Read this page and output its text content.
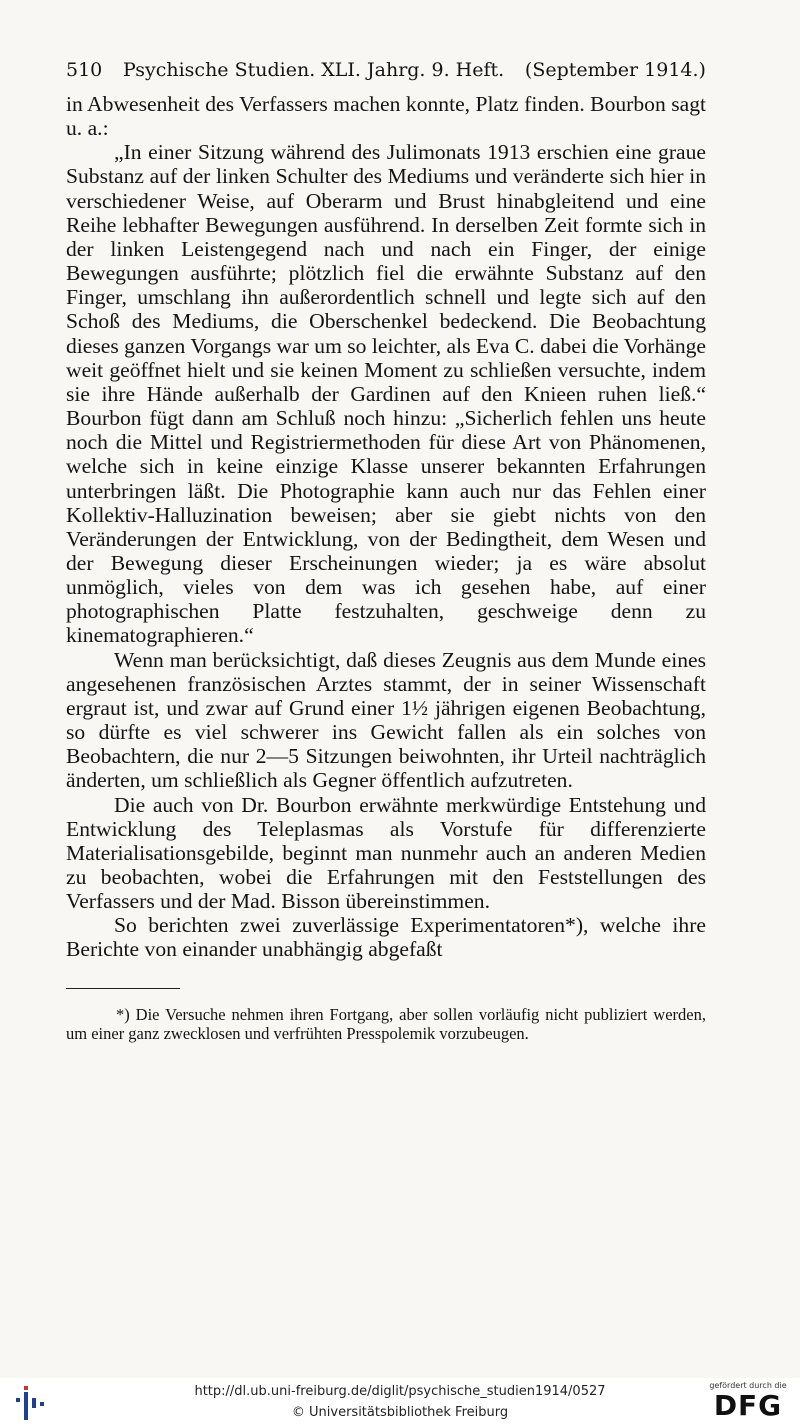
510 Psychische Studien. XLI. Jahrg. 9. Heft. (September 1914.)

in Abwesenheit des Verfassers machen konnte, Platz finden. Bourbon sagt u. a.:

„In einer Sitzung während des Julimonats 1913 erschien eine graue Substanz auf der linken Schulter des Mediums und veränderte sich hier in verschiedener Weise, auf Oberarm und Brust hinabgleitend und eine Reihe lebhafter Bewegungen ausführend. In derselben Zeit formte sich in der linken Leistengegend nach und nach ein Finger, der einige Bewegungen ausführte; plötzlich fiel die erwähnte Substanz auf den Finger, umschlang ihn außerordentlich schnell und legte sich auf den Schoß des Mediums, die Oberschenkel bedeckend. Die Beobachtung dieses ganzen Vorgangs war um so leichter, als Eva C. dabei die Vorhänge weit geöffnet hielt und sie keinen Moment zu schließen versuchte, indem sie ihre Hände außerhalb der Gardinen auf den Knieen ruhen ließ.“ Bourbon fügt dann am Schluß noch hinzu: „Sicherlich fehlen uns heute noch die Mittel und Registriermethoden für diese Art von Phänomenen, welche sich in keine einzige Klasse unserer bekannten Erfahrungen unterbringen läßt. Die Photographie kann auch nur das Fehlen einer Kollektiv-Halluzination beweisen; aber sie giebt nichts von den Veränderungen der Entwicklung, von der Bedingtheit, dem Wesen und der Bewegung dieser Erscheinungen wieder; ja es wäre absolut unmöglich, vieles von dem was ich gesehen habe, auf einer photographischen Platte festzuhalten, geschweige denn zu kinematographieren.“

Wenn man berücksichtigt, daß dieses Zeugnis aus dem Munde eines angesehenen französischen Arztes stammt, der in seiner Wissenschaft ergraut ist, und zwar auf Grund einer 1½ jährigen eigenen Beobachtung, so dürfte es viel schwerer ins Gewicht fallen als ein solches von Beobachtern, die nur 2—5 Sitzungen beiwohnten, ihr Urteil nachträglich änderten, um schließlich als Gegner öffentlich aufzutreten.

Die auch von Dr. Bourbon erwähnte merkwürdige Entstehung und Entwicklung des Teleplasmas als Vorstufe für differenzierte Materialisationsgebilde, beginnt man nunmehr auch an anderen Medien zu beobachten, wobei die Erfahrungen mit den Feststellungen des Verfassers und der Mad. Bisson übereinstimmen.

So berichten zwei zuverlässige Experimentatoren*), welche ihre Berichte von einander unabhängig abgefaßt

*) Die Versuche nehmen ihren Fortgang, aber sollen vorläufig nicht publiziert werden, um einer ganz zwecklosen und verfrühten Presspolemik vorzubeugen.

http://dl.ub.uni-freiburg.de/diglit/psychische_studien1914/0527
© Universitätsbibliothek Freiburg
gefördert durch die
DFG
